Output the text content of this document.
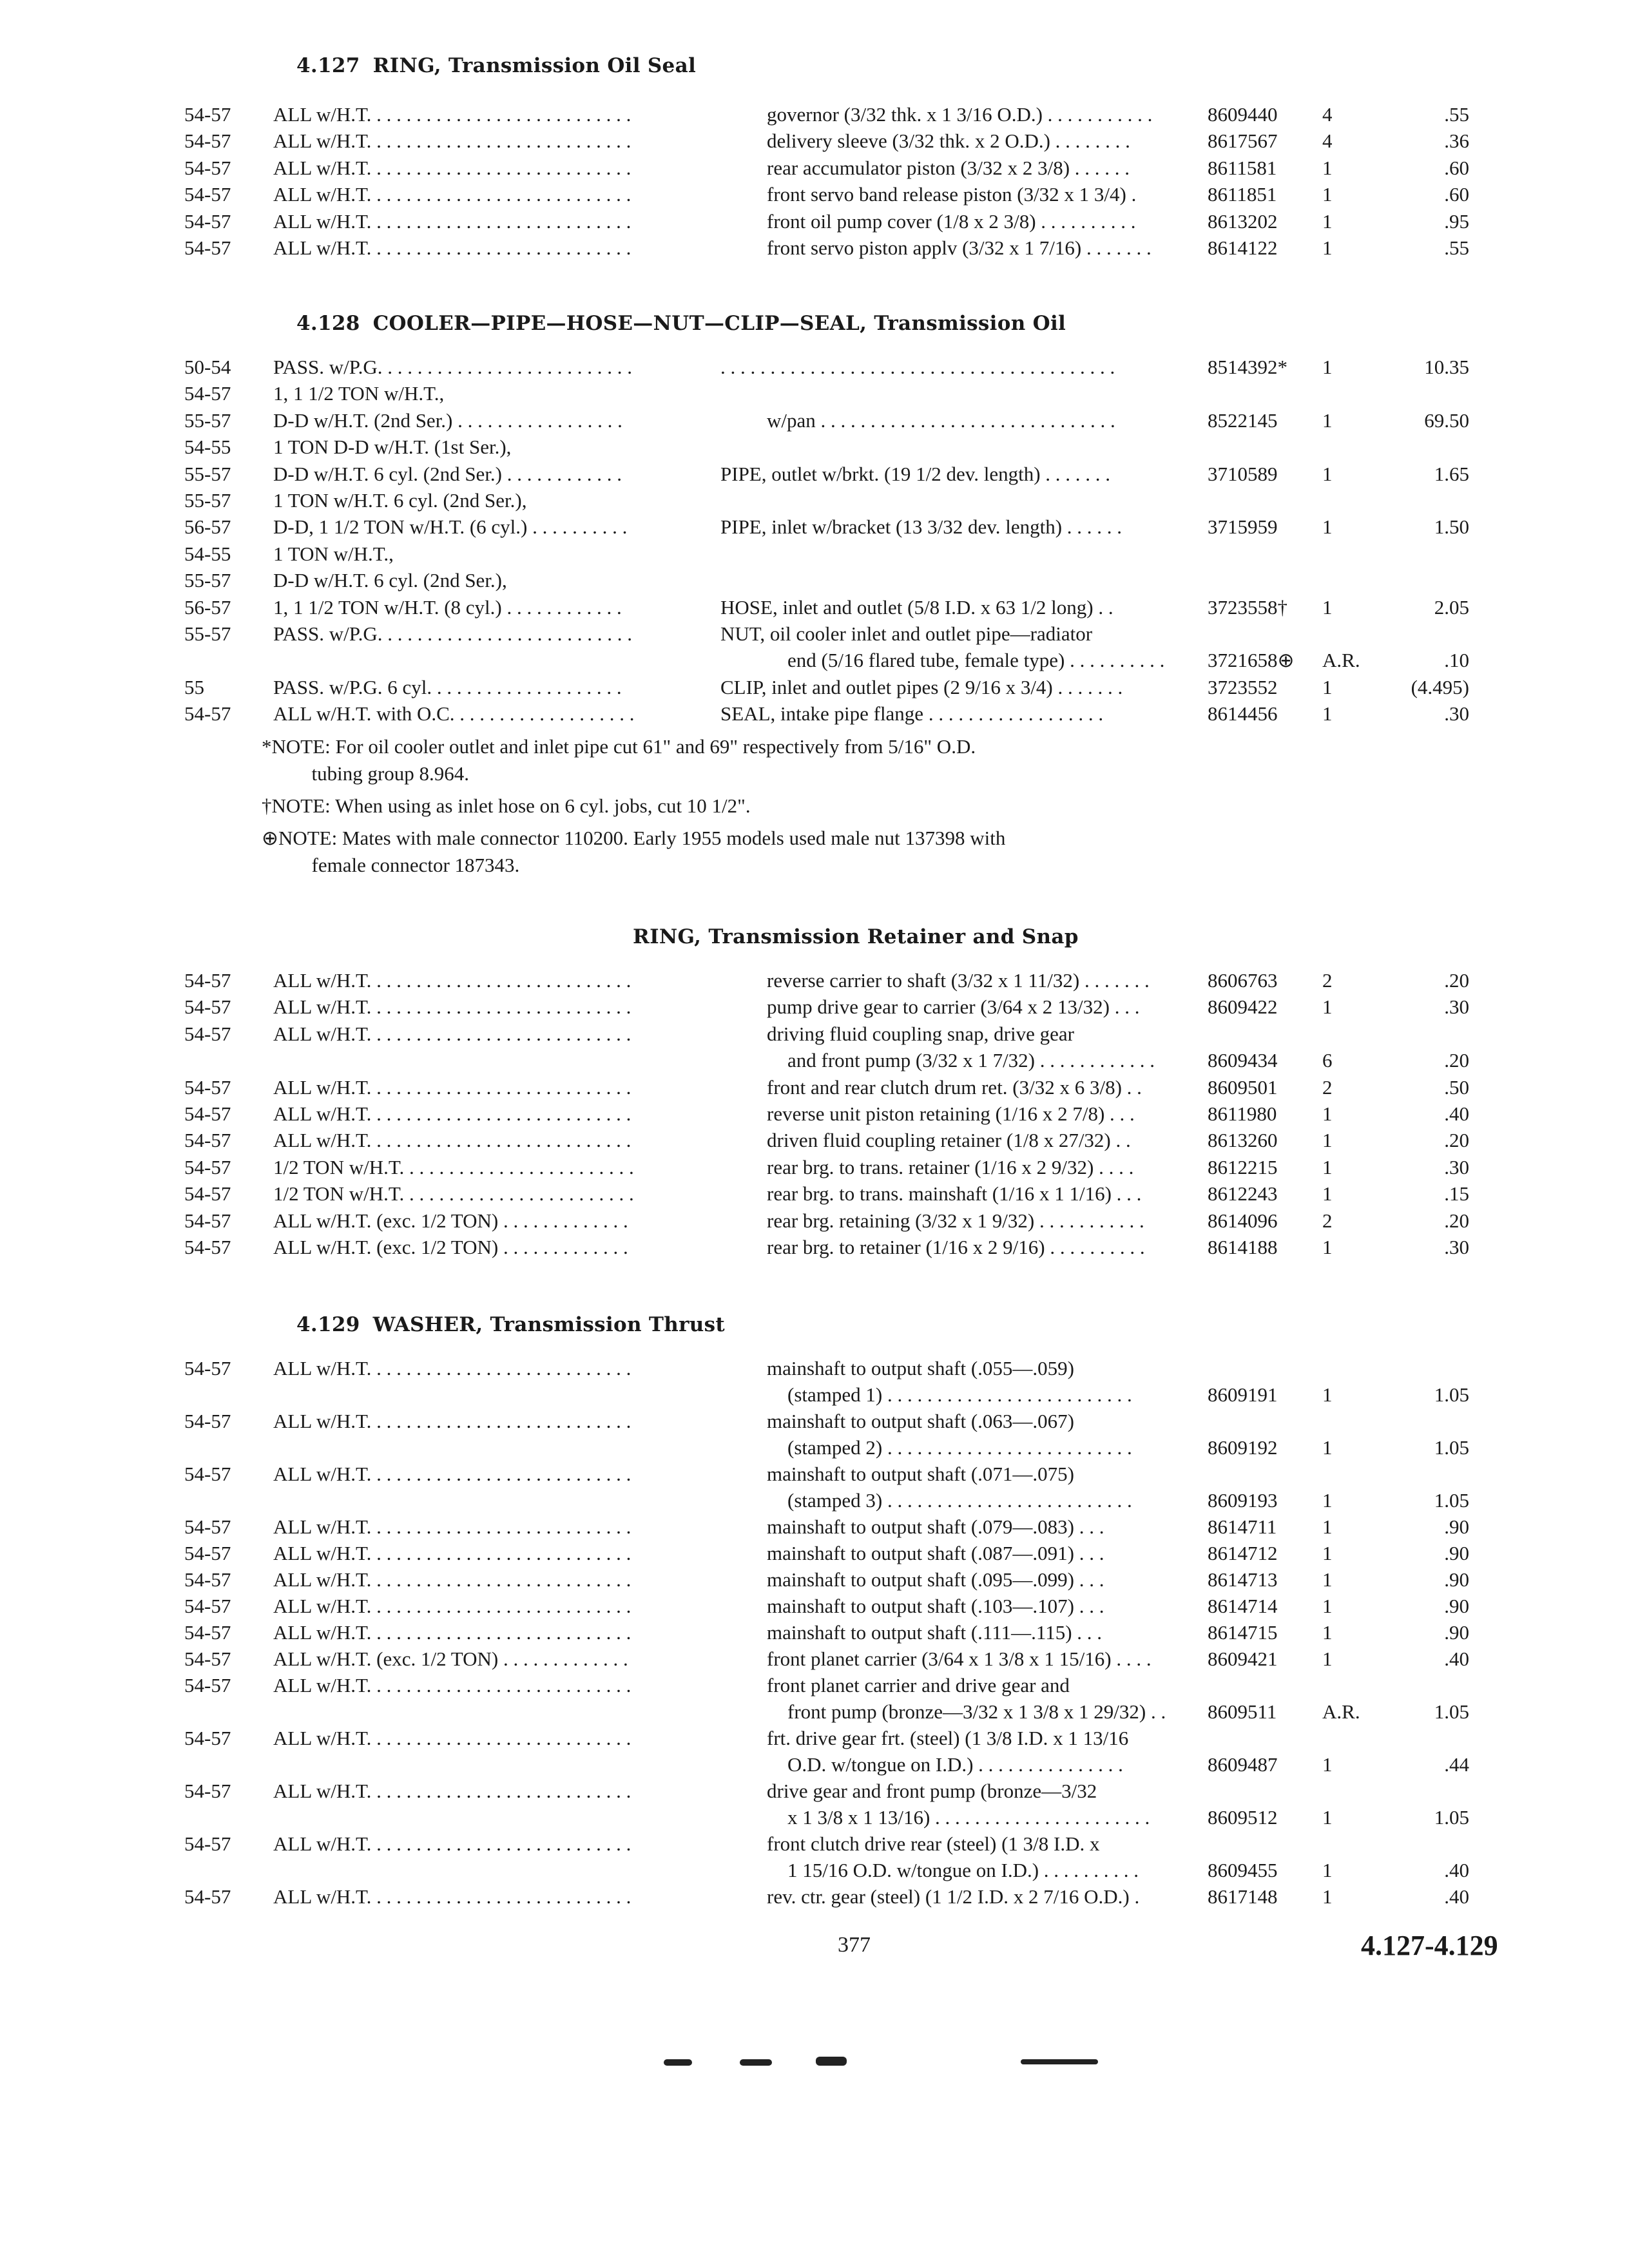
4.127 RING, Transmission Oil Seal
54-57	ALL w/H.T. . . . . . . . . . . . . . . . . . . . . . . . . . .	governor (3/32 thk. x 1 3/16 O.D.) . . . . . . . . . . .	8609440	4	.55
54-57	ALL w/H.T. . . . . . . . . . . . . . . . . . . . . . . . . . .	delivery sleeve (3/32 thk. x 2 O.D.) . . . . . . . .	8617567	4	.36
54-57	ALL w/H.T. . . . . . . . . . . . . . . . . . . . . . . . . . .	rear accumulator piston (3/32 x 2 3/8) . . . . . .	8611581	1	.60
54-57	ALL w/H.T. . . . . . . . . . . . . . . . . . . . . . . . . . .	front servo band release piston (3/32 x 1 3/4) .	8611851	1	.60
54-57	ALL w/H.T. . . . . . . . . . . . . . . . . . . . . . . . . . .	front oil pump cover (1/8 x 2 3/8) . . . . . . . . . .	8613202	1	.95
54-57	ALL w/H.T. . . . . . . . . . . . . . . . . . . . . . . . . . .	front servo piston applv (3/32 x 1 7/16) . . . . . . .	8614122	1	.55
4.128 COOLER—PIPE—HOSE—NUT—CLIP—SEAL, Transmission Oil
50-54	PASS. w/P.G. . . . . . . . . . . . . . . . . . . . . . . . . .	. . . . . . . . . . . . . . . . . . . . . . . . . . . . . . . . . . . . . . . .	8514392*	1	10.35
54-57	1, 1 1/2 TON w/H.T.,
55-57	D-D w/H.T. (2nd Ser.) . . . . . . . . . . . . . . . . .	w/pan . . . . . . . . . . . . . . . . . . . . . . . . . . . . . .	8522145	1	69.50
54-55	1 TON D-D w/H.T. (1st Ser.),
55-57	D-D w/H.T. 6 cyl. (2nd Ser.) . . . . . . . . . . . .	PIPE, outlet w/brkt. (19 1/2 dev. length) . . . . . . .	3710589	1	1.65
55-57	1 TON w/H.T. 6 cyl. (2nd Ser.),
56-57	D-D, 1 1/2 TON w/H.T. (6 cyl.) . . . . . . . . . .	PIPE, inlet w/bracket (13 3/32 dev. length) . . . . . .	3715959	1	1.50
54-55	1 TON w/H.T.,
55-57	D-D w/H.T. 6 cyl. (2nd Ser.),
56-57	1, 1 1/2 TON w/H.T. (8 cyl.) . . . . . . . . . . . .	HOSE, inlet and outlet (5/8 I.D. x 63 1/2 long) . .	3723558†	1	2.05
55-57	PASS. w/P.G. . . . . . . . . . . . . . . . . . . . . . . . . .	NUT, oil cooler inlet and outlet pipe—radiator
end (5/16 flared tube, female type) . . . . . . . . . .	3721658⊕	A.R.	.10
55	PASS. w/P.G. 6 cyl. . . . . . . . . . . . . . . . . . . .	CLIP, inlet and outlet pipes (2 9/16 x 3/4) . . . . . . .	3723552	1	(4.495)
54-57	ALL w/H.T. with O.C. . . . . . . . . . . . . . . . . . .	SEAL, intake pipe flange . . . . . . . . . . . . . . . . . .	8614456	1	.30
*NOTE: For oil cooler outlet and inlet pipe cut 61" and 69" respectively from 5/16" O.D.
tubing group 8.964.
†NOTE: When using as inlet hose on 6 cyl. jobs, cut 10 1/2".
⊕NOTE: Mates with male connector 110200. Early 1955 models used male nut 137398 with
female connector 187343.
RING, Transmission Retainer and Snap
54-57	ALL w/H.T. . . . . . . . . . . . . . . . . . . . . . . . . . .	reverse carrier to shaft (3/32 x 1 11/32) . . . . . . .	8606763	2	.20
54-57	ALL w/H.T. . . . . . . . . . . . . . . . . . . . . . . . . . .	pump drive gear to carrier (3/64 x 2 13/32) . . .	8609422	1	.30
54-57	ALL w/H.T. . . . . . . . . . . . . . . . . . . . . . . . . . .	driving fluid coupling snap, drive gear
and front pump (3/32 x 1 7/32) . . . . . . . . . . . .	8609434	6	.20
54-57	ALL w/H.T. . . . . . . . . . . . . . . . . . . . . . . . . . .	front and rear clutch drum ret. (3/32 x 6 3/8) . .	8609501	2	.50
54-57	ALL w/H.T. . . . . . . . . . . . . . . . . . . . . . . . . . .	reverse unit piston retaining (1/16 x 2 7/8) . . .	8611980	1	.40
54-57	ALL w/H.T. . . . . . . . . . . . . . . . . . . . . . . . . . .	driven fluid coupling retainer (1/8 x 27/32) . .	8613260	1	.20
54-57	1/2 TON w/H.T. . . . . . . . . . . . . . . . . . . . . . . .	rear brg. to trans. retainer (1/16 x 2 9/32) . . . .	8612215	1	.30
54-57	1/2 TON w/H.T. . . . . . . . . . . . . . . . . . . . . . . .	rear brg. to trans. mainshaft (1/16 x 1 1/16) . . .	8612243	1	.15
54-57	ALL w/H.T. (exc. 1/2 TON) . . . . . . . . . . . . .	rear brg. retaining (3/32 x 1 9/32) . . . . . . . . . . .	8614096	2	.20
54-57	ALL w/H.T. (exc. 1/2 TON) . . . . . . . . . . . . .	rear brg. to retainer (1/16 x 2 9/16) . . . . . . . . . .	8614188	1	.30
4.129 WASHER, Transmission Thrust
54-57	ALL w/H.T. . . . . . . . . . . . . . . . . . . . . . . . . . .	mainshaft to output shaft (.055—.059)
(stamped 1) . . . . . . . . . . . . . . . . . . . . . . . . .	8609191	1	1.05
54-57	ALL w/H.T. . . . . . . . . . . . . . . . . . . . . . . . . . .	mainshaft to output shaft (.063—.067)
(stamped 2) . . . . . . . . . . . . . . . . . . . . . . . . .	8609192	1	1.05
54-57	ALL w/H.T. . . . . . . . . . . . . . . . . . . . . . . . . . .	mainshaft to output shaft (.071—.075)
(stamped 3) . . . . . . . . . . . . . . . . . . . . . . . . .	8609193	1	1.05
54-57	ALL w/H.T. . . . . . . . . . . . . . . . . . . . . . . . . . .	mainshaft to output shaft (.079—.083) . . .	8614711	1	.90
54-57	ALL w/H.T. . . . . . . . . . . . . . . . . . . . . . . . . . .	mainshaft to output shaft (.087—.091) . . .	8614712	1	.90
54-57	ALL w/H.T. . . . . . . . . . . . . . . . . . . . . . . . . . .	mainshaft to output shaft (.095—.099) . . .	8614713	1	.90
54-57	ALL w/H.T. . . . . . . . . . . . . . . . . . . . . . . . . . .	mainshaft to output shaft (.103—.107) . . .	8614714	1	.90
54-57	ALL w/H.T. . . . . . . . . . . . . . . . . . . . . . . . . . .	mainshaft to output shaft (.111—.115) . . .	8614715	1	.90
54-57	ALL w/H.T. (exc. 1/2 TON) . . . . . . . . . . . . .	front planet carrier (3/64 x 1 3/8 x 1 15/16) . . . .	8609421	1	.40
54-57	ALL w/H.T. . . . . . . . . . . . . . . . . . . . . . . . . . .	front planet carrier and drive gear and
front pump (bronze—3/32 x 1 3/8 x 1 29/32) . .	8609511	A.R.	1.05
54-57	ALL w/H.T. . . . . . . . . . . . . . . . . . . . . . . . . . .	frt. drive gear frt. (steel) (1 3/8 I.D. x 1 13/16
O.D. w/tongue on I.D.) . . . . . . . . . . . . . . .	8609487	1	.44
54-57	ALL w/H.T. . . . . . . . . . . . . . . . . . . . . . . . . . .	drive gear and front pump (bronze—3/32
x 1 3/8 x 1 13/16) . . . . . . . . . . . . . . . . . . . . . .	8609512	1	1.05
54-57	ALL w/H.T. . . . . . . . . . . . . . . . . . . . . . . . . . .	front clutch drive rear (steel) (1 3/8 I.D. x
1 15/16 O.D. w/tongue on I.D.) . . . . . . . . . .	8609455	1	.40
54-57	ALL w/H.T. . . . . . . . . . . . . . . . . . . . . . . . . . .	rev. ctr. gear (steel) (1 1/2 I.D. x 2 7/16 O.D.) .	8617148	1	.40
377	4.127-4.129
